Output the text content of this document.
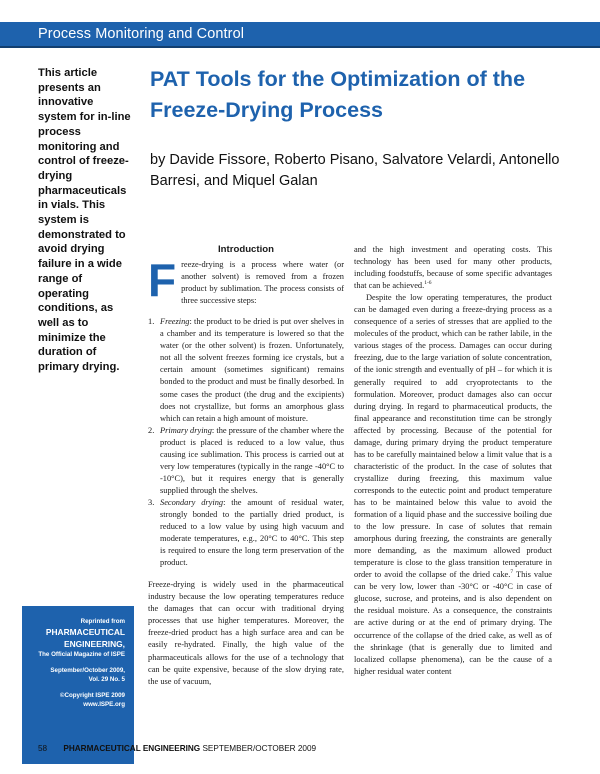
Process Monitoring and Control
This article presents an innovative system for in-line process monitoring and control of freeze-drying pharmaceuticals in vials. This system is demonstrated to avoid drying failure in a wide range of operating conditions, as well as to minimize the duration of primary drying.
PAT Tools for the Optimization of the Freeze-Drying Process
by Davide Fissore, Roberto Pisano, Salvatore Velardi, Antonello Barresi, and Miquel Galan
Introduction
Freeze-drying is a process where water (or another solvent) is removed from a frozen product by sublimation. The process consists of three successive steps:
1. Freezing: the product to be dried is put over shelves in a chamber and its temperature is lowered so that the water (or the other solvent) is frozen. Unfortunately, not all the solvent freezes forming ice crystals, but a certain amount (sometimes significant) remains bonded to the product and must be finally desorbed. In some cases the product (the drug and the excipients) does not crystallize, but forms an amorphous glass which can retain a high amount of moisture.
2. Primary drying: the pressure of the chamber where the product is placed is reduced to a low value, thus causing ice sublimation. This process is carried out at very low temperatures (typically in the range -40°C to -10°C), but it requires energy that is generally supplied through the shelves.
3. Secondary drying: the amount of residual water, strongly bonded to the partially dried product, is reduced to a low value by using high vacuum and moderate temperatures, e.g., 20°C to 40°C. This step is required to ensure the long term preservation of the product.

Freeze-drying is widely used in the pharmaceutical industry because the low operating temperatures reduce the damages that can occur with traditional drying processes that use higher temperatures. Moreover, the freeze-dried product has a high surface area and can be easily re-hydrated. Finally, the high value of the pharmaceuticals allows for the use of a technology that can be quite expensive, because of the slow drying rate, the use of vacuum,

and the high investment and operating costs. This technology has been used for many other products, including foodstuffs, because of some specific advantages that can be achieved.$^{1-6}$

Despite the low operating temperatures, the product can be damaged even during a freeze-drying process as a consequence of a series of stresses that are applied to the molecules of the product, which can be rather labile, in the various stages of the process. Damages can occur during freezing, due to the large variation of solute concentration, of the ionic strength and eventually of pH – for which it is generally required to add cryoprotectants to the formulation. Moreover, product damages also can occur during drying. In regard to pharmaceutical products, the final appearance and reconstitution time can be strongly affected by processing. Because of the potential for damage, during primary drying the product temperature has to be carefully maintained below a limit value that is a characteristic of the product. In the case of solutes that crystallize during freezing, this maximum value corresponds to the eutectic point and product temperature has to be maintained below this value to avoid the formation of a liquid phase and the successive boiling due to the low pressure. In case of solutes that remain amorphous during freezing, the constraints are generally more demanding, as the maximum allowed product temperature is close to the glass transition temperature in order to avoid the collapse of the dried cake.$^7$ This value can be very low, lower than -30°C or -40°C in case of glucose, sucrose, and proteins, and is also dependent on the residual moisture. As a consequence, the constraints are active during or at the end of primary drying. The occurrence of the collapse of the dried cake, as well as of the shrinkage (that is generally due to limited and localized collapse phenomena), can be the cause of a higher residual water content

Reprinted from
PHARMACEUTICAL
ENGINEERING,
The Official Magazine of ISPE
September/October 2009,
Vol. 29 No. 5
©Copyright ISPE 2009
www.ISPE.org
58 PHARMACEUTICAL ENGINEERING SEPTEMBER/OCTOBER 2009
